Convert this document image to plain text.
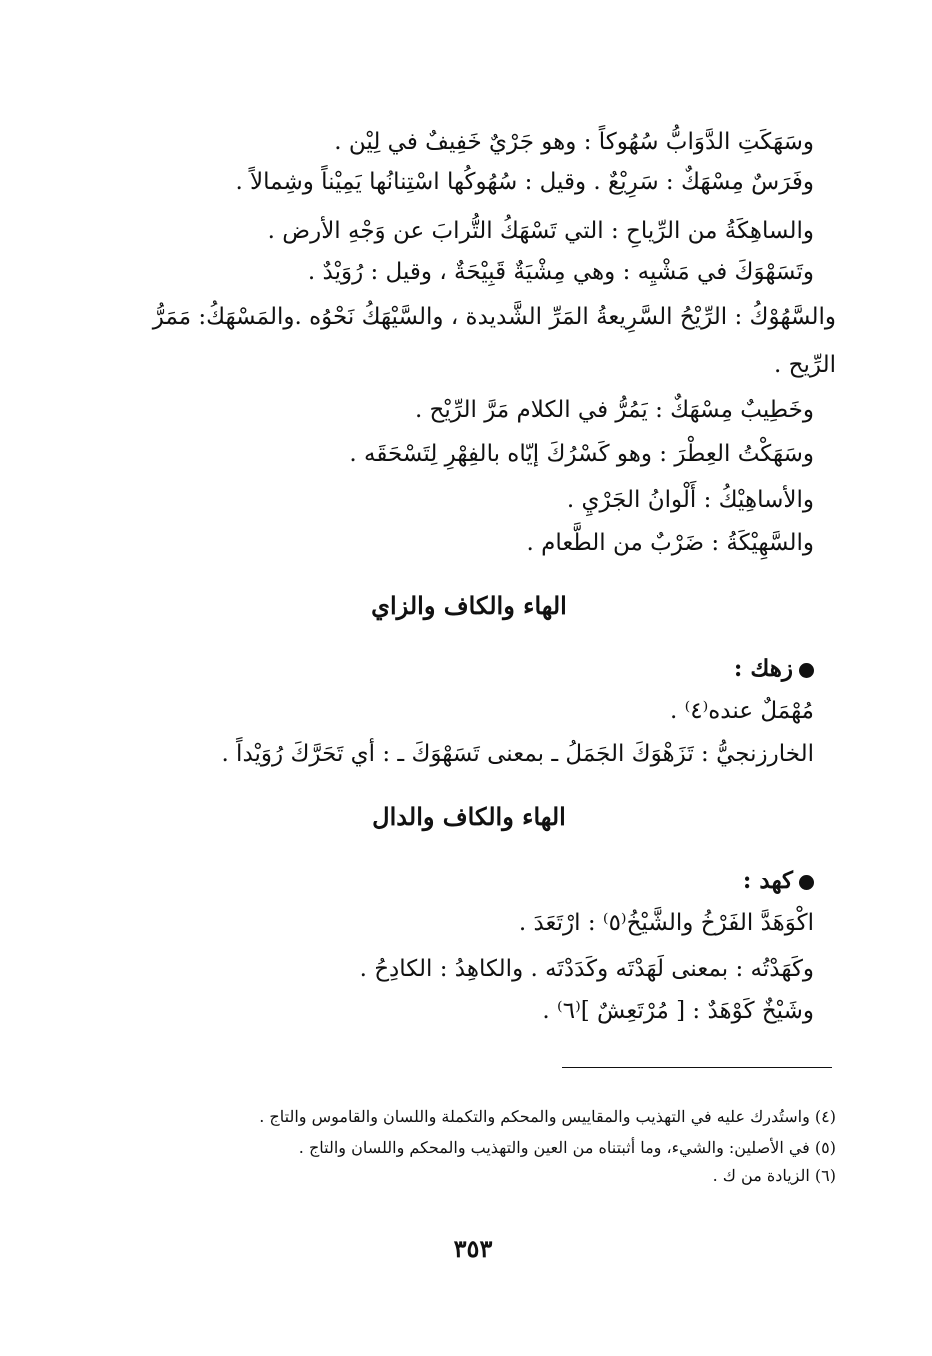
وسَهَكَتِ الدَّوَابُّ سُهُوكاً : وهو جَرْيٌ خَفِيفٌ في لِيْن .
وفَرَسٌ مِسْهَكٌ : سَرِيْعٌ . وقيل : سُهُوكُها اسْتِنانُها يَمِيْناً وشِمالاً .
والساهِكَةُ من الرِّياحِ : التي تَسْهَكُ التُّرابَ عن وَجْهِ الأرض .
وتَسَهْوَكَ في مَشْيِه : وهي مِشْيَةٌ قَبِيْحَةٌ ، وقيل : رُوَيْدٌ .
والسَّهُوْكُ : الرِّيْحُ السَّرِيعةُ المَرِّ الشَّديدة ، والسَّيْهَكُ نَحْوُه .والمَسْهَكُ: مَمَرُّ
الرِّيح .
وخَطِيبٌ مِسْهَكٌ : يَمُرُّ في الكلام مَرَّ الرِّيْح .
وسَهَكْتُ العِطْرَ : وهو كَسْرُكَ إيّاه بالفِهْرِ لِتَسْحَقَه .
والأساهِيْكُ : أَلْوانُ الجَرْيِ .
والسَّهِيْكَةُ : ضَرْبٌ من الطَّعام .
الهاء والكاف والزاي
زهك :
مُهْمَلٌ عنده⁽٤⁾ .
الخارزنجيُّ : تَزَهْوَكَ الجَمَلُ ـ بمعنى تَسَهْوَكَ ـ : أي تَحَرَّكَ رُوَيْداً .
الهاء والكاف والدال
كهد :
اكْوَهَدَّ الفَرْخُ والشَّيْخُ⁽٥⁾ : ارْتَعَدَ .
وكَهَدْتُه : بمعنى لَهَدْتَه وكَدَدْتَه . والكاهِدُ : الكادِحُ .
وشَيْخٌ كَوْهَدٌ : [ مُرْتَعِشٌ ]⁽٦⁾ .
(٤) واستُدرك عليه في التهذيب والمقاييس والمحكم والتكملة واللسان والقاموس والتاج .
(٥) في الأصلين: والشيء، وما أثبتناه من العين والتهذيب والمحكم واللسان والتاج .
(٦) الزيادة من ك .
٣٥٣
